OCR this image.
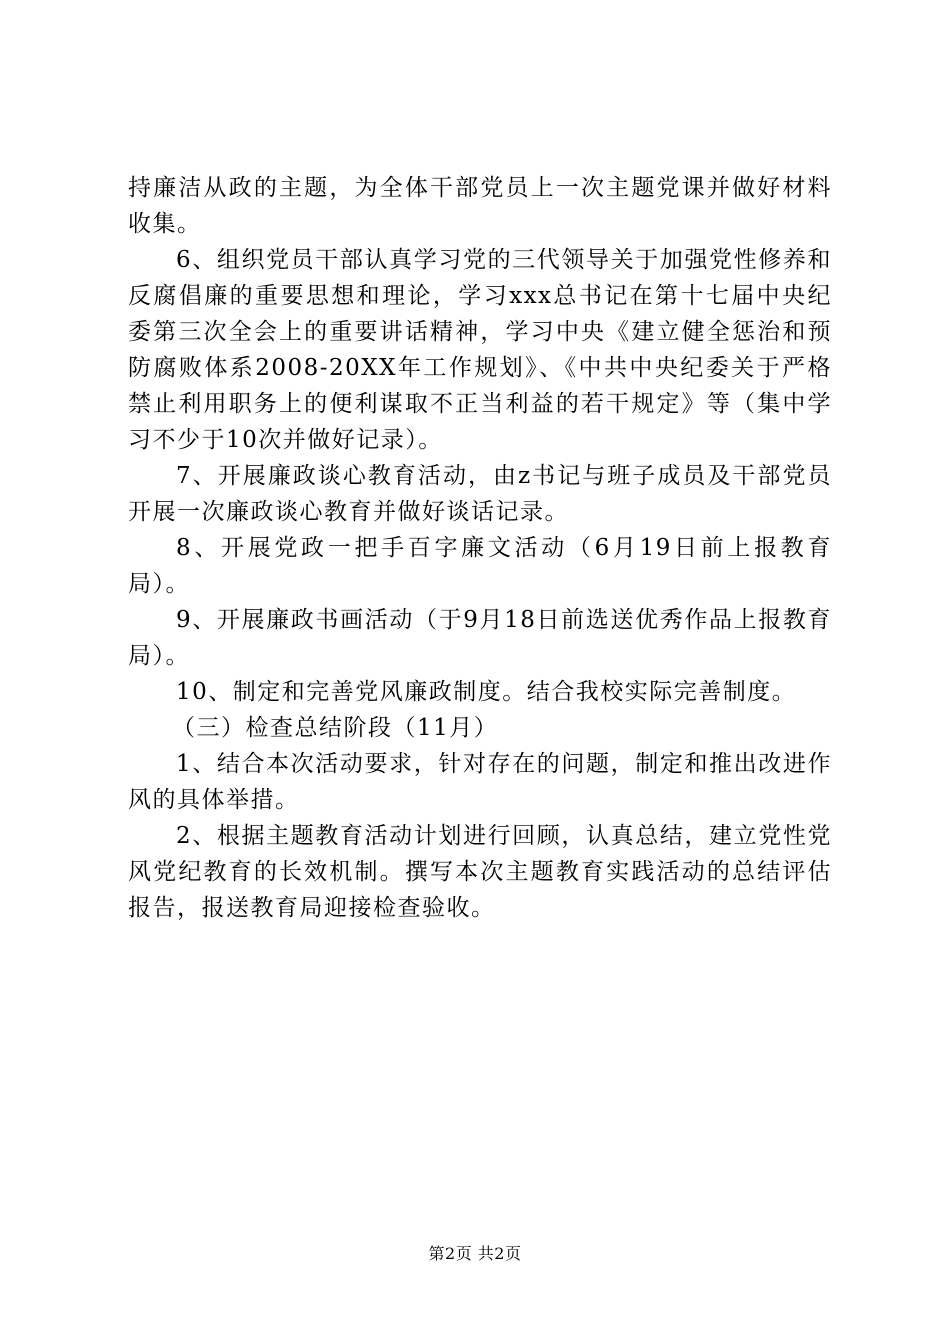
持廉洁从政的主题，为全体干部党员上一次主题党课并做好材料收集。

6、组织党员干部认真学习党的三代领导关于加强党性修养和反腐倡廉的重要思想和理论，学习xxx总书记在第十七届中央纪委第三次全会上的重要讲话精神，学习中央《建立健全惩治和预防腐败体系2008-20XX年工作规划》、《中共中央纪委关于严格禁止利用职务上的便利谋取不正当利益的若干规定》等（集中学习不少于10次并做好记录）。

7、开展廉政谈心教育活动，由z书记与班子成员及干部党员开展一次廉政谈心教育并做好谈话记录。

8、开展党政一把手百字廉文活动（6月19日前上报教育局）。

9、开展廉政书画活动（于9月18日前选送优秀作品上报教育局）。

10、制定和完善党风廉政制度。结合我校实际完善制度。

（三）检查总结阶段（11月）

1、结合本次活动要求，针对存在的问题，制定和推出改进作风的具体举措。

2、根据主题教育活动计划进行回顾，认真总结，建立党性党风党纪教育的长效机制。撰写本次主题教育实践活动的总结评估报告，报送教育局迎接检查验收。

第2页 共2页
